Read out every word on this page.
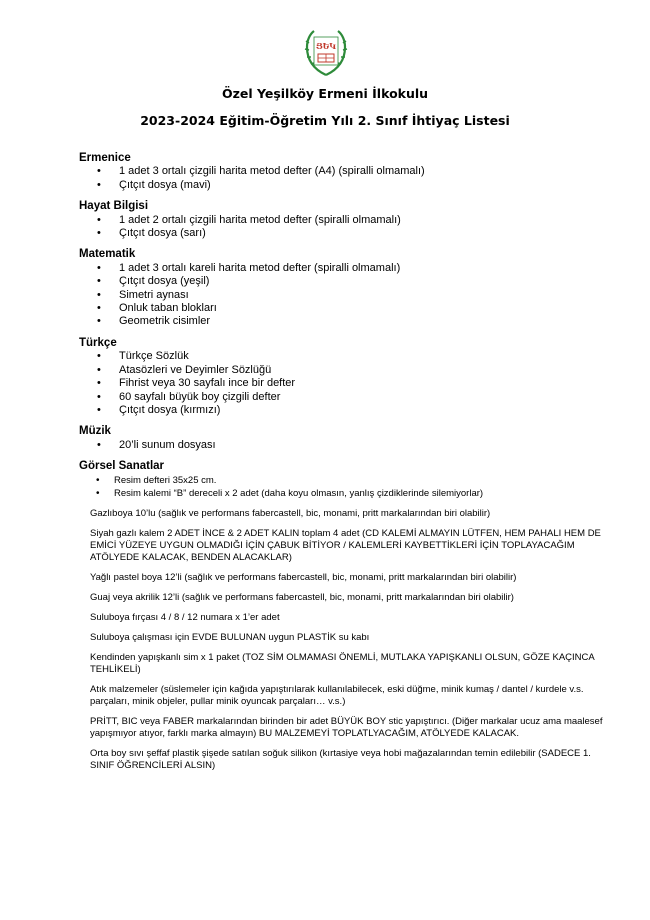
ՅԵԿ
Özel Yeşilköy Ermeni İlkokulu
2023-2024 Eğitim-Öğretim Yılı 2. Sınıf İhtiyaç Listesi
Ermenice
• 1 adet 3 ortalı çizgili harita metod defter (A4) (spiralli olmamalı)
• Çıtçıt dosya (mavi)
Hayat Bilgisi
• 1 adet 2 ortalı çizgili harita metod defter (spiralli olmamalı)
• Çıtçıt dosya (sarı)
Matematik
• 1 adet 3 ortalı kareli harita metod defter (spiralli olmamalı)
• Çıtçıt dosya (yeşil)
• Simetri aynası
• Onluk taban blokları
• Geometrik cisimler
Türkçe
• Türkçe Sözlük
• Atasözleri ve Deyimler Sözlüğü
• Fihrist veya 30 sayfalı ince bir defter
• 60 sayfalı büyük boy çizgili defter
• Çıtçıt dosya (kırmızı)
Müzik
• 20’li sunum dosyası
Görsel Sanatlar
• Resim defteri 35x25 cm.
• Resim kalemi “B” dereceli x 2 adet (daha koyu olmasın, yanlış çizdiklerinde silemiyorlar)
Gazlıboya 10’lu (sağlık ve performans fabercastell, bic, monami, pritt markalarından biri olabilir)
Siyah gazlı kalem 2 ADET İNCE & 2 ADET KALIN toplam 4 adet (CD KALEMİ ALMAYIN LÜTFEN, HEM PAHALI HEM DE EMİCİ YÜZEYE UYGUN OLMADIĞI İÇİN ÇABUK BİTİYOR / KALEMLERİ KAYBETTİKLERİ İÇİN TOPLAYACAĞIM ATÖLYEDE KALACAK, BENDEN ALACAKLAR)
Yağlı pastel boya 12’li (sağlık ve performans fabercastell, bic, monami, pritt markalarından biri olabilir)
Guaj veya akrilik 12’li (sağlık ve performans fabercastell, bic, monami, pritt markalarından biri olabilir)
Suluboya fırçası 4 / 8 / 12 numara x 1’er adet
Suluboya çalışması için EVDE BULUNAN uygun PLASTİK su kabı
Kendinden yapışkanlı sim x 1 paket (TOZ SİM OLMAMASI ÖNEMLİ, MUTLAKA YAPIŞKANLI OLSUN, GÖZE KAÇINCA TEHLİKELİ)
Atık malzemeler (süslemeler için kağıda yapıştırılarak kullanılabilecek, eski düğme, minik kumaş / dantel / kurdele v.s. parçaları, minik objeler, pullar minik oyuncak parçaları… v.s.)
PRİTT, BIC veya FABER markalarından birinden bir adet BÜYÜK BOY stic yapıştırıcı. (Diğer markalar ucuz ama maalesef yapışmıyor atıyor, farklı marka almayın) BU MALZEMEYİ TOPLATLYACAĞIM, ATÖLYEDE KALACAK.
Orta boy sıvı şeffaf plastik şişede satılan soğuk silikon (kırtasiye veya hobi mağazalarından temin edilebilir (SADECE 1. SINIF ÖĞRENCİLERİ ALSIN)
